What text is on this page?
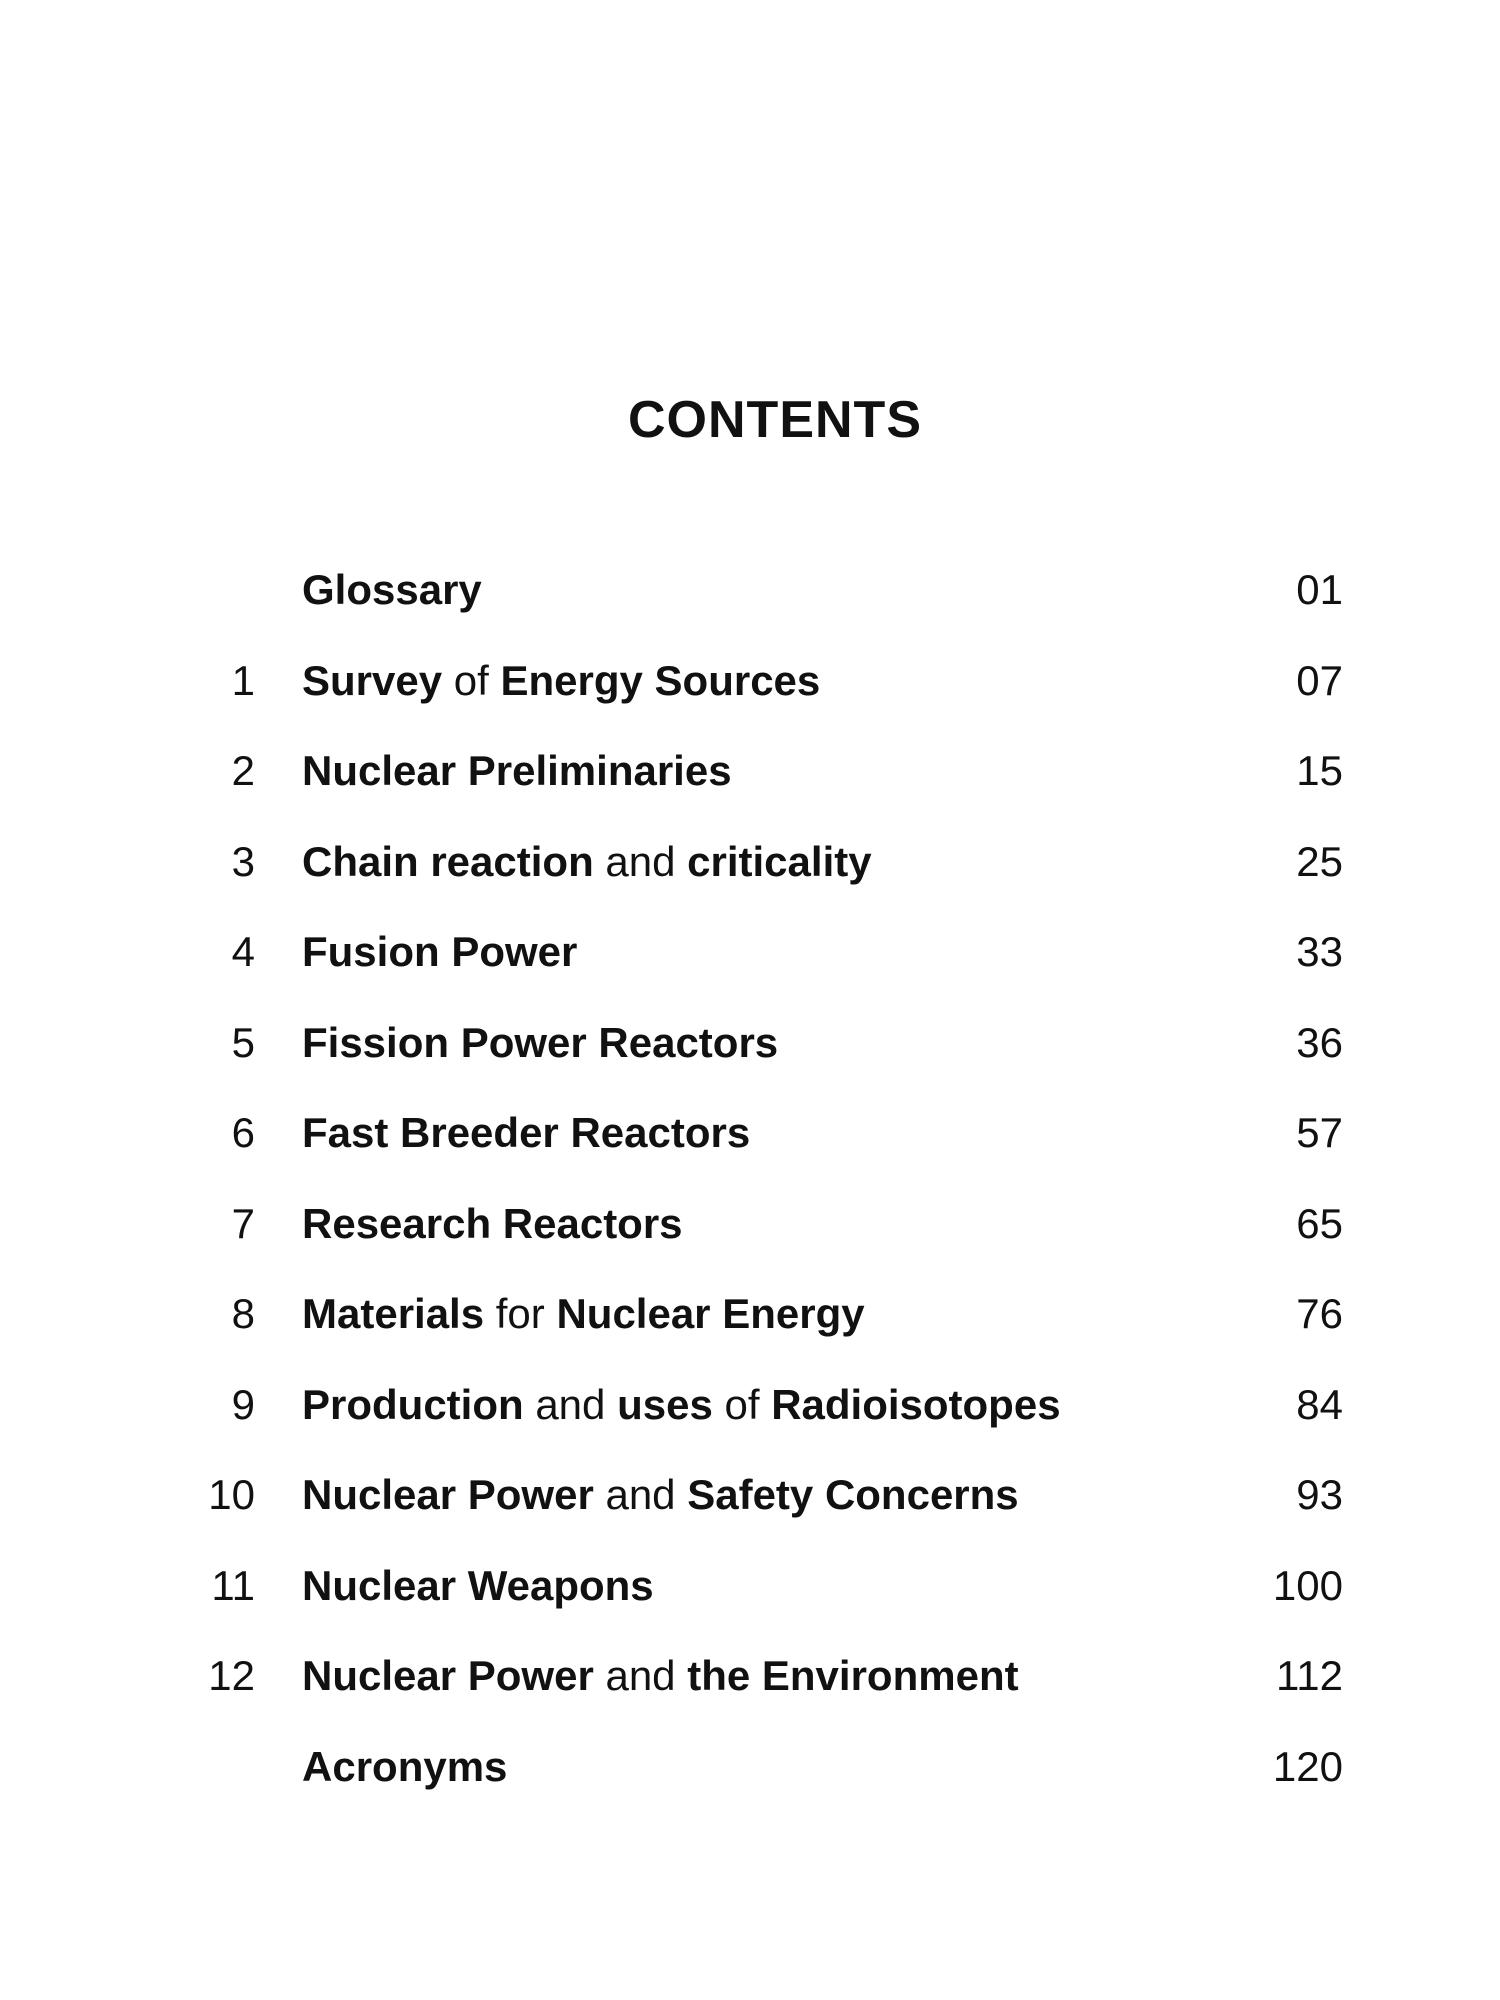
CONTENTS
Glossary	01
1 Survey of Energy Sources	07
2 Nuclear Preliminaries	15
3 Chain reaction and criticality	25
4 Fusion Power	33
5 Fission Power Reactors	36
6 Fast Breeder Reactors	57
7 Research Reactors	65
8 Materials for Nuclear Energy	76
9 Production and uses of Radioisotopes	84
10 Nuclear Power and Safety Concerns	93
11 Nuclear Weapons	100
12 Nuclear Power and the Environment	112
Acronyms	120
